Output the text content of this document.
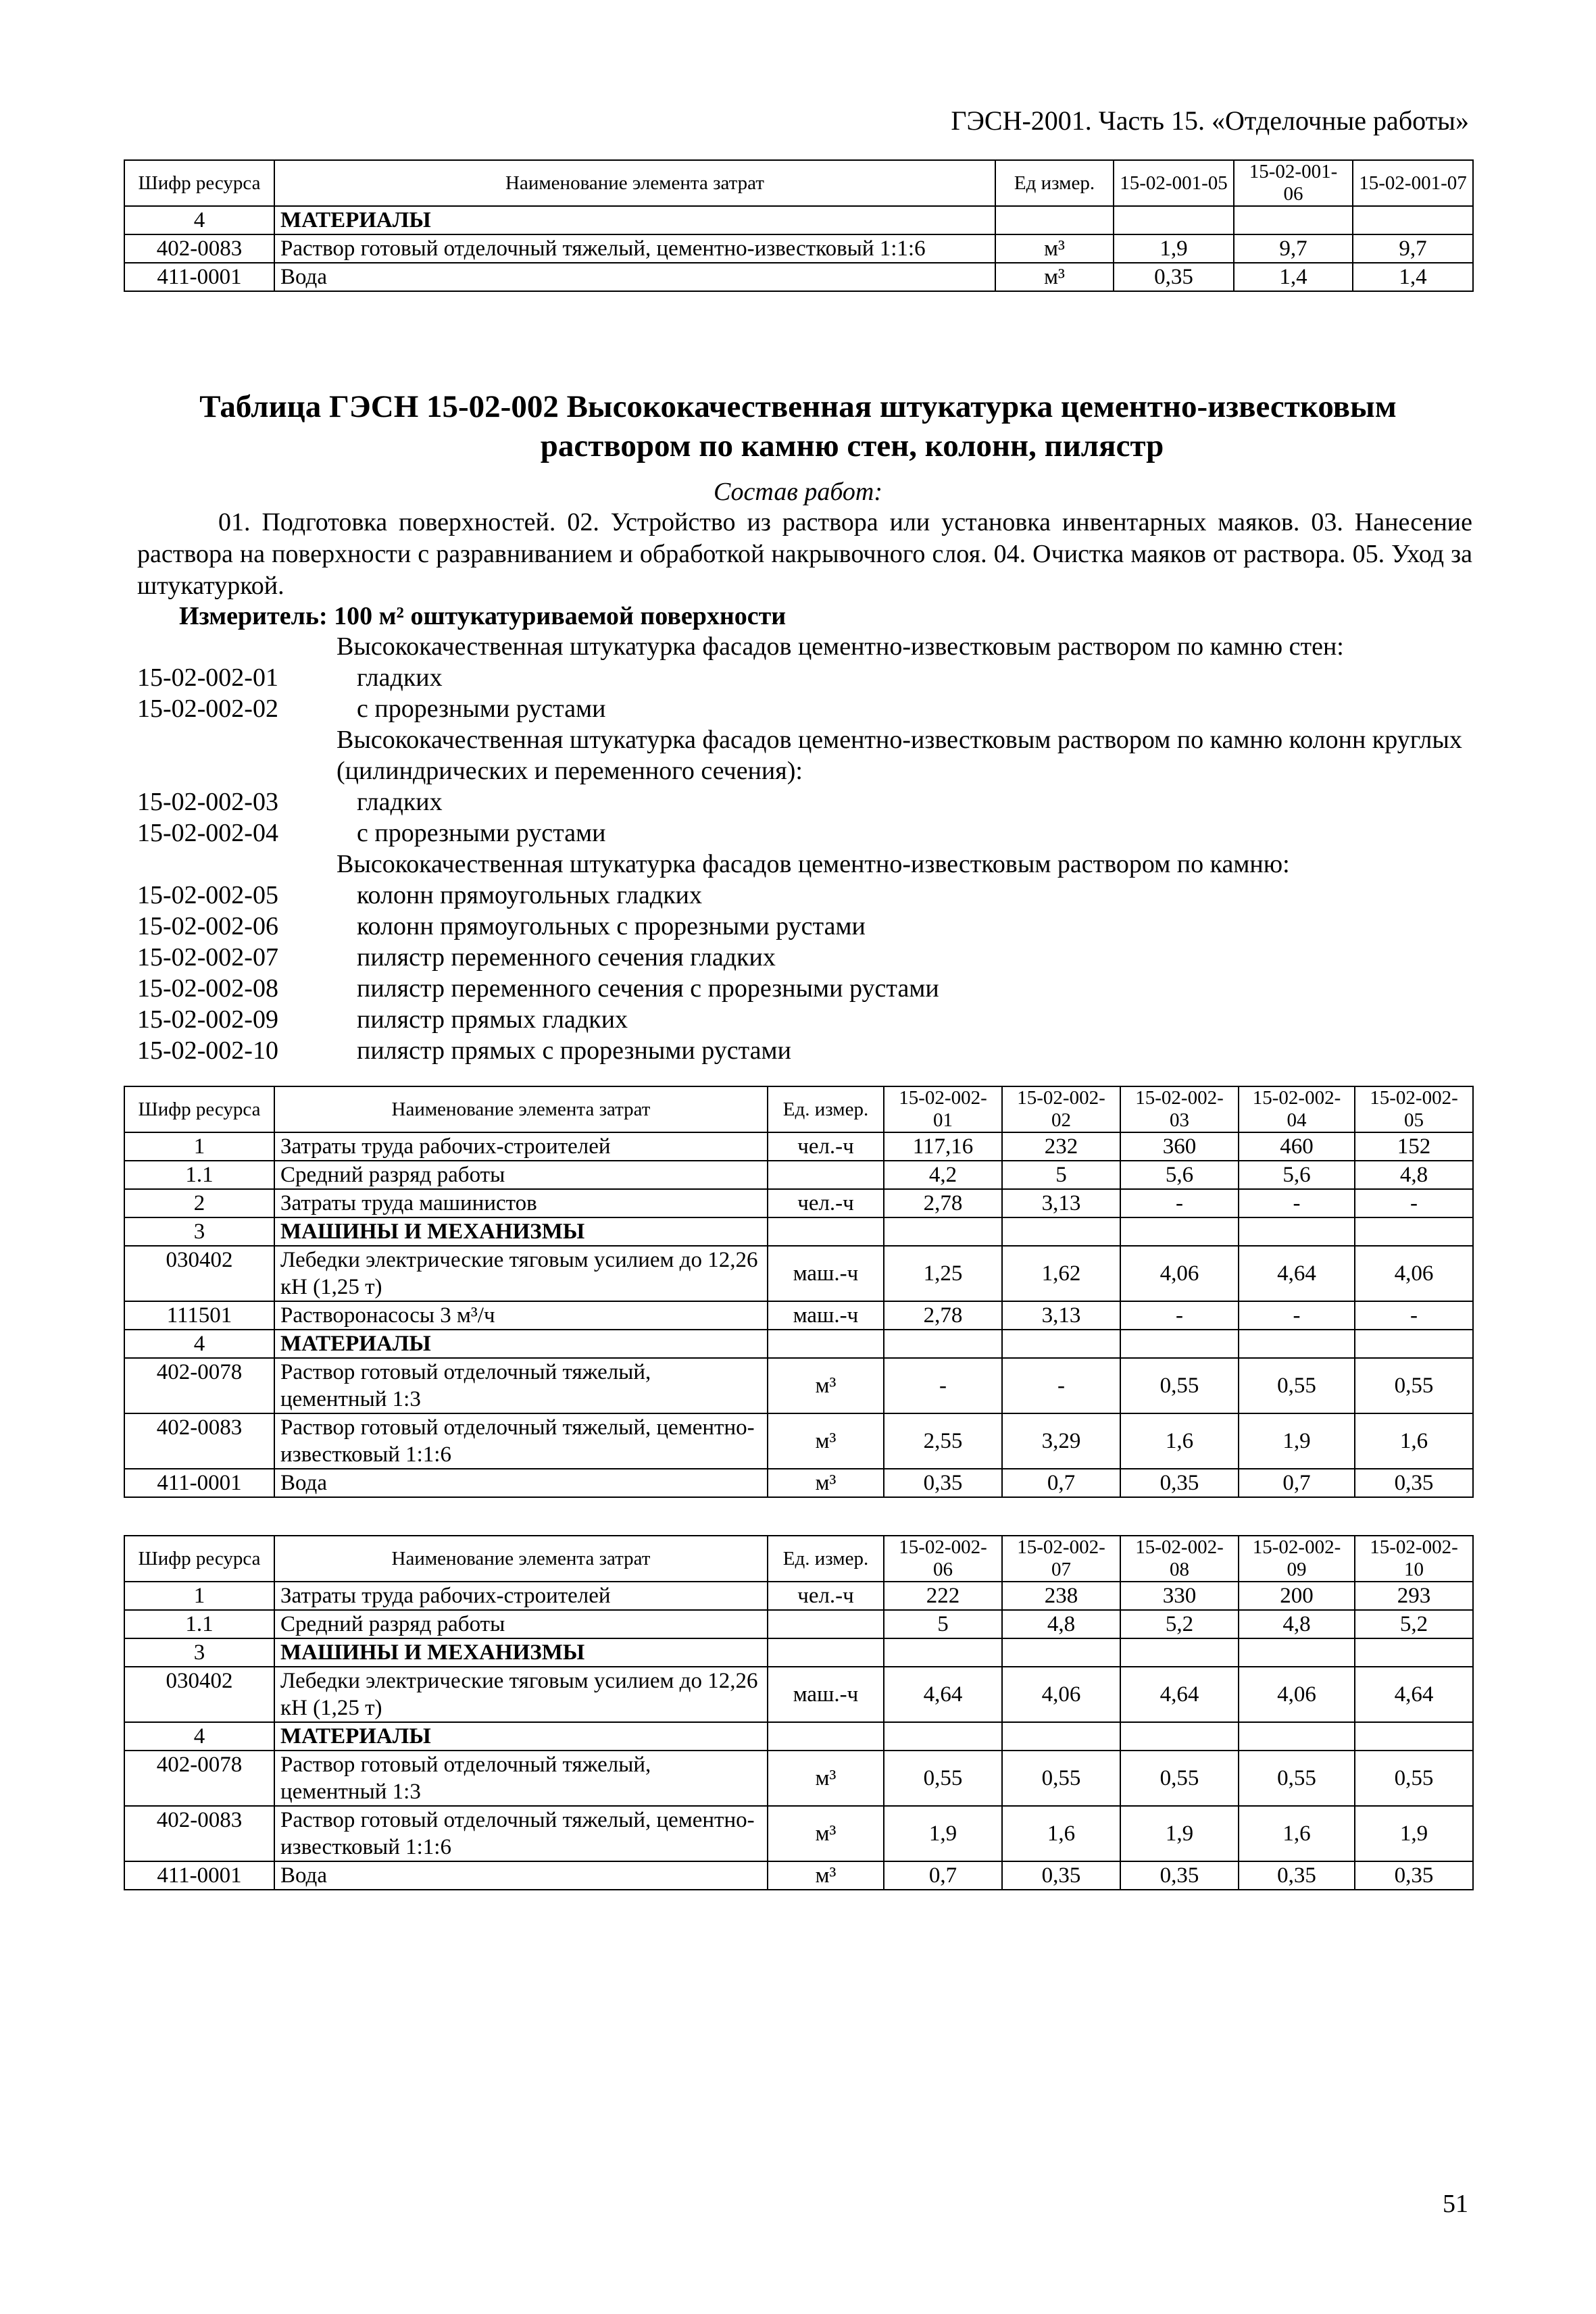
ГЭСН-2001. Часть 15. «Отделочные работы»
Шифр ресурса	Наименование элемента затрат	Ед измер.	15-02-001-05	15-02-001-06	15-02-001-07
4	МАТЕРИАЛЫ				
402-0083	Раствор готовый отделочный тяжелый, цементно-известковый 1:1:6	м³	1,9	9,7	9,7
411-0001	Вода	м³	0,35	1,4	1,4
Таблица ГЭСН 15-02-002 Высококачественная штукатурка цементно-известковым
раствором по камню стен, колонн, пилястр
Состав работ:
01. Подготовка поверхностей. 02. Устройство из раствора или установка инвентарных маяков. 03. Нанесение раствора на поверхности с разравниванием и обработкой накрывочного слоя. 04. Очистка маяков от раствора. 05. Уход за штукатуркой.
Измеритель: 100 м² оштукатуриваемой поверхности
Высококачественная штукатурка фасадов цементно-известковым раствором по камню стен:
15-02-002-01	гладких
15-02-002-02	с прорезными рустами
Высококачественная штукатурка фасадов цементно-известковым раствором по камню колонн круглых (цилиндрических и переменного сечения):
15-02-002-03	гладких
15-02-002-04	с прорезными рустами
Высококачественная штукатурка фасадов цементно-известковым раствором по камню:
15-02-002-05	колонн прямоугольных гладких
15-02-002-06	колонн прямоугольных с прорезными рустами
15-02-002-07	пилястр переменного сечения гладких
15-02-002-08	пилястр переменного сечения с прорезными рустами
15-02-002-09	пилястр прямых гладких
15-02-002-10	пилястр прямых с прорезными рустами
Шифр ресурса	Наименование элемента затрат	Ед. измер.	15-02-002-01	15-02-002-02	15-02-002-03	15-02-002-04	15-02-002-05
1	Затраты труда рабочих-строителей	чел.-ч	117,16	232	360	460	152
1.1	Средний разряд работы		4,2	5	5,6	5,6	4,8
2	Затраты труда машинистов	чел.-ч	2,78	3,13	-	-	-
3	МАШИНЫ И МЕХАНИЗМЫ						
030402	Лебедки электрические тяговым усилием до 12,26 кН (1,25 т)	маш.-ч	1,25	1,62	4,06	4,64	4,06
111501	Растворонасосы 3 м³/ч	маш.-ч	2,78	3,13	-	-	-
4	МАТЕРИАЛЫ						
402-0078	Раствор готовый отделочный тяжелый, цементный 1:3	м³	-	-	0,55	0,55	0,55
402-0083	Раствор готовый отделочный тяжелый, цементно-известковый 1:1:6	м³	2,55	3,29	1,6	1,9	1,6
411-0001	Вода	м³	0,35	0,7	0,35	0,7	0,35
Шифр ресурса	Наименование элемента затрат	Ед. измер.	15-02-002-06	15-02-002-07	15-02-002-08	15-02-002-09	15-02-002-10
1	Затраты труда рабочих-строителей	чел.-ч	222	238	330	200	293
1.1	Средний разряд работы		5	4,8	5,2	4,8	5,2
3	МАШИНЫ И МЕХАНИЗМЫ						
030402	Лебедки электрические тяговым усилием до 12,26 кН (1,25 т)	маш.-ч	4,64	4,06	4,64	4,06	4,64
4	МАТЕРИАЛЫ						
402-0078	Раствор готовый отделочный тяжелый, цементный 1:3	м³	0,55	0,55	0,55	0,55	0,55
402-0083	Раствор готовый отделочный тяжелый, цементно-известковый 1:1:6	м³	1,9	1,6	1,9	1,6	1,9
411-0001	Вода	м³	0,7	0,35	0,35	0,35	0,35
51
